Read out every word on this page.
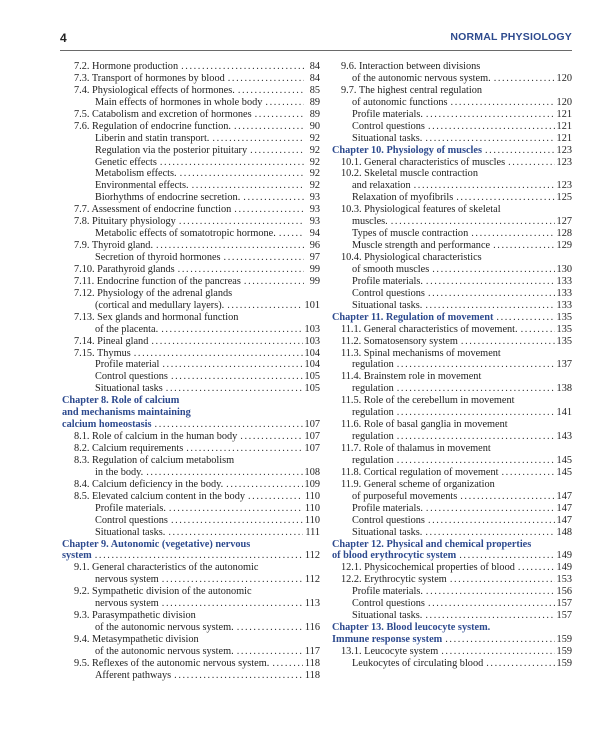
4	NORMAL PHYSIOLOGY
7.2. Hormone production .....	84
7.3. Transport of hormones by blood .....	84
7.4. Physiological effects of hormones. .....	85
Main effects of hormones in whole body .....	89
7.5. Catabolism and excretion of hormones .....	89
7.6. Regulation of endocrine function. .....	90
Liberin and statin transport. .....	92
Regulation via the posterior pituitary .....	92
Genetic effects .....	92
Metabolism effects. .....	92
Environmental effects. .....	92
Biorhythms of endocrine secretion. .....	93
7.7. Assessment of endocrine function .....	93
7.8. Pituitary physiology .....	93
Metabolic effects of somatotropic hormone. .....	94
7.9. Thyroid gland. .....	96
Secretion of thyroid hormones .....	97
7.10. Parathyroid glands .....	99
7.11. Endocrine function of the pancreas .....	99
7.12. Physiology of the adrenal glands
(cortical and medullary layers). .....	101
7.13. Sex glands and hormonal function
of the placenta. .....	103
7.14. Pineal gland .....	103
7.15. Thymus .....	104
Profile material .....	104
Control questions .....	105
Situational tasks .....	105
Chapter 8. Role of calcium
and mechanisms maintaining
calcium homeostasis .....	107
8.1. Role of calcium in the human body .....	107
8.2. Calcium requirements .....	107
8.3. Regulation of calcium metabolism
in the body. .....	108
8.4. Calcium deficiency in the body. .....	109
8.5. Elevated calcium content in the body .....	110
Profile materials. .....	110
Control questions .....	110
Situational tasks. .....	111
Chapter 9. Autonomic (vegetative) nervous
system .....	112
9.1. General characteristics of the autonomic
nervous system .....	112
9.2. Sympathetic division of the autonomic
nervous system .....	113
9.3. Parasympathetic division
of the autonomic nervous system. .....	116
9.4. Metasympathetic division
of the autonomic nervous system. .....	117
9.5. Reflexes of the autonomic nervous system. .....	118
Afferent pathways .....	118
9.6. Interaction between divisions
of the autonomic nervous system. .....	120
9.7. The highest central regulation
of autonomic functions .....	120
Profile materials. .....	121
Control questions .....	121
Situational tasks. .....	121
Chapter 10. Physiology of muscles .....	123
10.1. General characteristics of muscles .....	123
10.2. Skeletal muscle contraction
and relaxation .....	123
Relaxation of myofibrils .....	125
10.3. Physiological features of skeletal
muscles. .....	127
Types of muscle contraction .....	128
Muscle strength and performance .....	129
10.4. Physiological characteristics
of smooth muscles .....	130
Profile materials. .....	133
Control questions .....	133
Situational tasks. .....	133
Chapter 11. Regulation of movement .....	135
11.1. General characteristics of movement. .....	135
11.2. Somatosensory system .....	135
11.3. Spinal mechanisms of movement
regulation .....	137
11.4. Brainstem role in movement
regulation .....	138
11.5. Role of the cerebellum in movement
regulation .....	141
11.6. Role of basal ganglia in movement
regulation .....	143
11.7. Role of thalamus in movement
regulation .....	145
11.8. Cortical regulation of movement .....	145
11.9. General scheme of organization
of purposeful movements .....	147
Profile materials. .....	147
Control questions .....	147
Situational tasks. .....	148
Chapter 12. Physical and chemical properties
of blood erythrocytic system .....	149
12.1. Physicochemical properties of blood .....	149
12.2. Erythrocytic system .....	153
Profile materials. .....	156
Control questions .....	157
Situational tasks. .....	157
Chapter 13. Blood leucocyte system.
Immune response system .....	159
13.1. Leucocyte system .....	159
Leukocytes of circulating blood .....	159
